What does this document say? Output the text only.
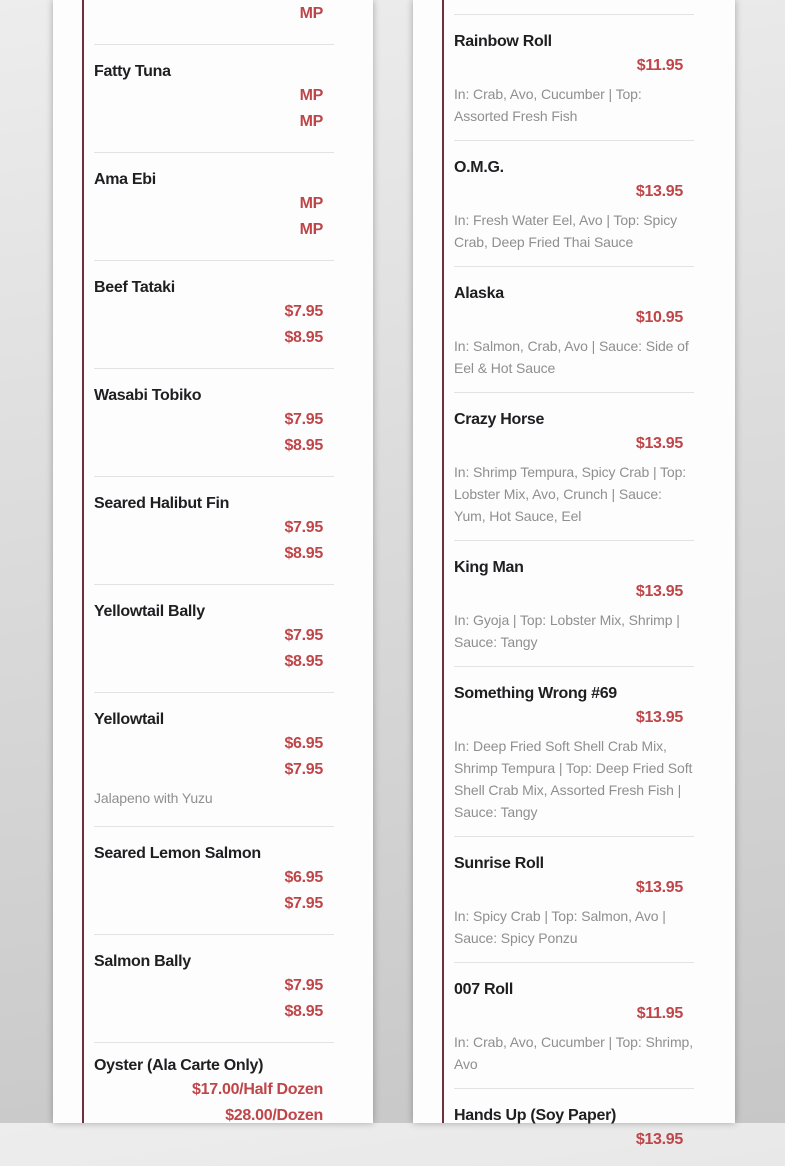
MP
Fatty Tuna
MP
MP
Ama Ebi
MP
MP
Beef Tataki
$7.95
$8.95
Wasabi Tobiko
$7.95
$8.95
Seared Halibut Fin
$7.95
$8.95
Yellowtail Bally
$7.95
$8.95
Yellowtail
$6.95
$7.95
Jalapeno with Yuzu
Seared Lemon Salmon
$6.95
$7.95
Salmon Bally
$7.95
$8.95
Oyster (Ala Carte Only)
$17.00/Half Dozen
$28.00/Dozen
Rainbow Roll
$11.95
In: Crab, Avo, Cucumber | Top: Assorted Fresh Fish
O.M.G.
$13.95
In: Fresh Water Eel, Avo | Top: Spicy Crab, Deep Fried Thai Sauce
Alaska
$10.95
In: Salmon, Crab, Avo | Sauce: Side of Eel & Hot Sauce
Crazy Horse
$13.95
In: Shrimp Tempura, Spicy Crab | Top: Lobster Mix, Avo, Crunch | Sauce: Yum, Hot Sauce, Eel
King Man
$13.95
In: Gyoja | Top: Lobster Mix, Shrimp | Sauce: Tangy
Something Wrong #69
$13.95
In: Deep Fried Soft Shell Crab Mix, Shrimp Tempura | Top: Deep Fried Soft Shell Crab Mix, Assorted Fresh Fish | Sauce: Tangy
Sunrise Roll
$13.95
In: Spicy Crab | Top: Salmon, Avo | Sauce: Spicy Ponzu
007 Roll
$11.95
In: Crab, Avo, Cucumber | Top: Shrimp, Avo
Hands Up (Soy Paper)
$13.95
